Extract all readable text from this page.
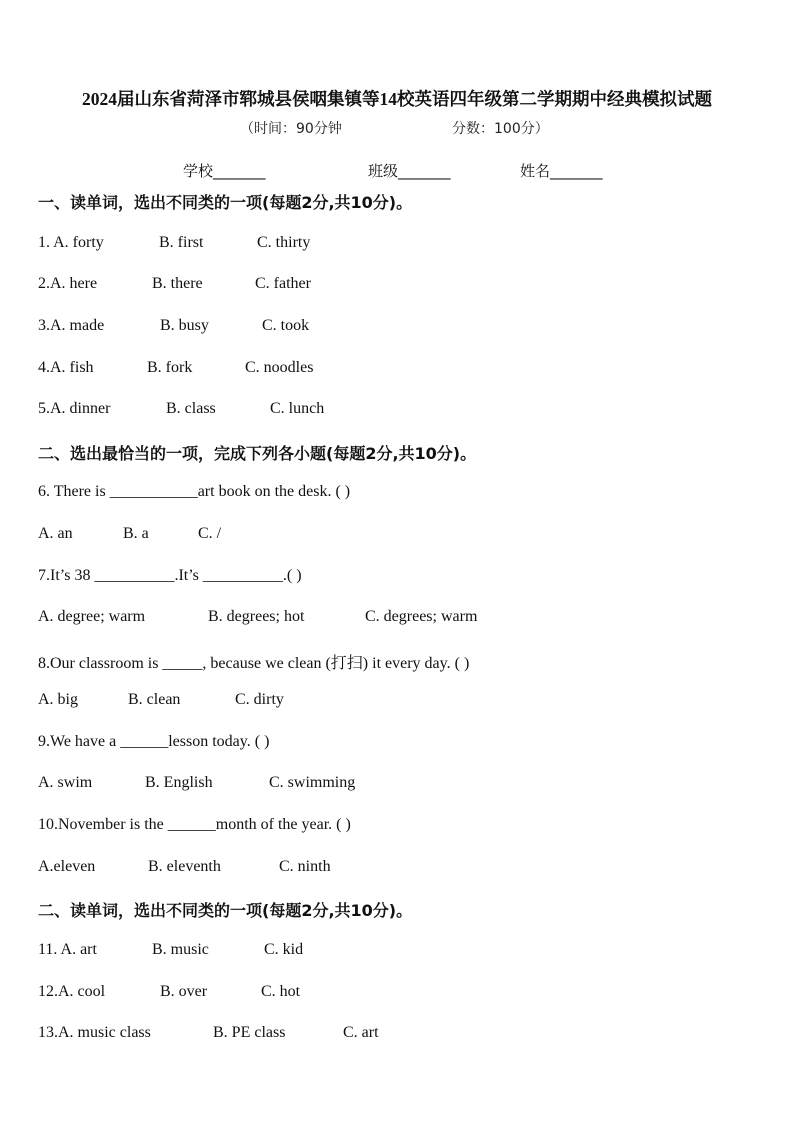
2024届山东省菏泽市郓城县侯咽集镇等14校英语四年级第二学期期中经典模拟试题
（时间：90分钟	分数：100分）
学校_______	班级_______	姓名_______
一、读单词，选出不同类的一项(每题2分,共10分)。
1. A. forty	B. first	C. thirty
2.A. here	B. there	C. father
3.A. made	B. busy	C. took
4.A. fish	B. fork	C. noodles
5.A. dinner	B. class	C. lunch
二、选出最恰当的一项，完成下列各小题(每题2分,共10分)。
6. There is ___________art book on the desk. ( )
A. an	B. a	C. /
7.It’s 38 __________.It’s __________.( )
A. degree; warm	B. degrees; hot	C. degrees; warm
8.Our classroom is _____, because we clean (打扫) it every day. ( )
A. big	B. clean	C. dirty
9.We have a ______lesson today. ( )
A. swim	B. English	C. swimming
10.November is the ______month of the year. ( )
A.eleven	B. eleventh	C. ninth
二、读单词，选出不同类的一项(每题2分,共10分)。
11. A. art	B. music	C. kid
12.A. cool	B. over	C. hot
13.A. music class	B. PE class	C. art
